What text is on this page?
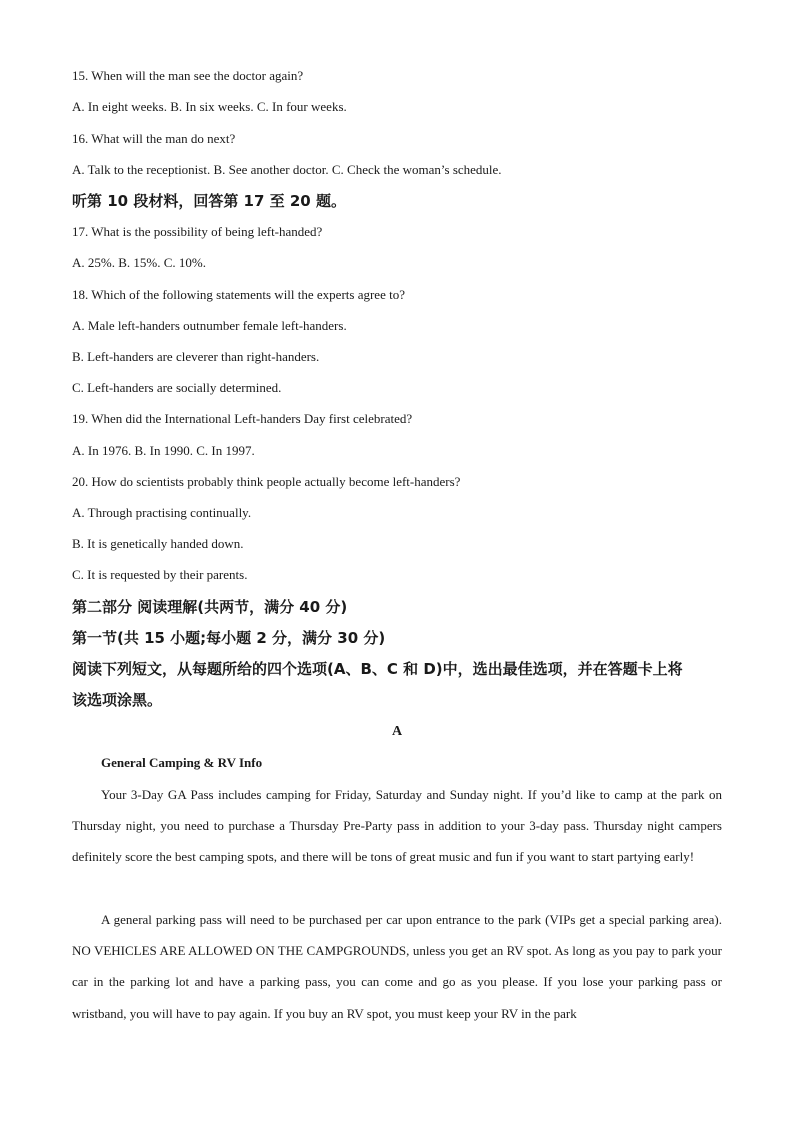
15. When will the man see the doctor again?
A. In eight weeks. B. In six weeks. C. In four weeks.
16. What will the man do next?
A. Talk to the receptionist. B. See another doctor. C. Check the woman’s schedule.
听第 10 段材料，回答第 17 至 20 题。
17. What is the possibility of being left-handed?
A. 25%. B. 15%. C. 10%.
18. Which of the following statements will the experts agree to?
A. Male left-handers outnumber female left-handers.
B. Left-handers are cleverer than right-handers.
C. Left-handers are socially determined.
19. When did the International Left-handers Day first celebrated?
A. In 1976. B. In 1990. C. In 1997.
20. How do scientists probably think people actually become left-handers?
A. Through practising continually.
B. It is genetically handed down.
C. It is requested by their parents.
第二部分 阅读理解(共两节，满分 40 分)
第一节(共 15 小题;每小题 2 分，满分 30 分)
阅读下列短文，从每题所给的四个选项(A、B、C 和 D)中，选出最佳选项，并在答题卡上将
该选项涂黑。
A
General Camping & RV Info
Your 3-Day GA Pass includes camping for Friday, Saturday and Sunday night. If you’d like to camp at the park on Thursday night, you need to purchase a Thursday Pre-Party pass in addition to your 3-day pass. Thursday night campers definitely score the best camping spots, and there will be tons of great music and fun if you want to start partying early!
A general parking pass will need to be purchased per car upon entrance to the park (VIPs get a special parking area). NO VEHICLES ARE ALLOWED ON THE CAMPGROUNDS, unless you get an RV spot. As long as you pay to park your car in the parking lot and have a parking pass, you can come and go as you please. If you lose your parking pass or wristband, you will have to pay again. If you buy an RV spot, you must keep your RV in the park
